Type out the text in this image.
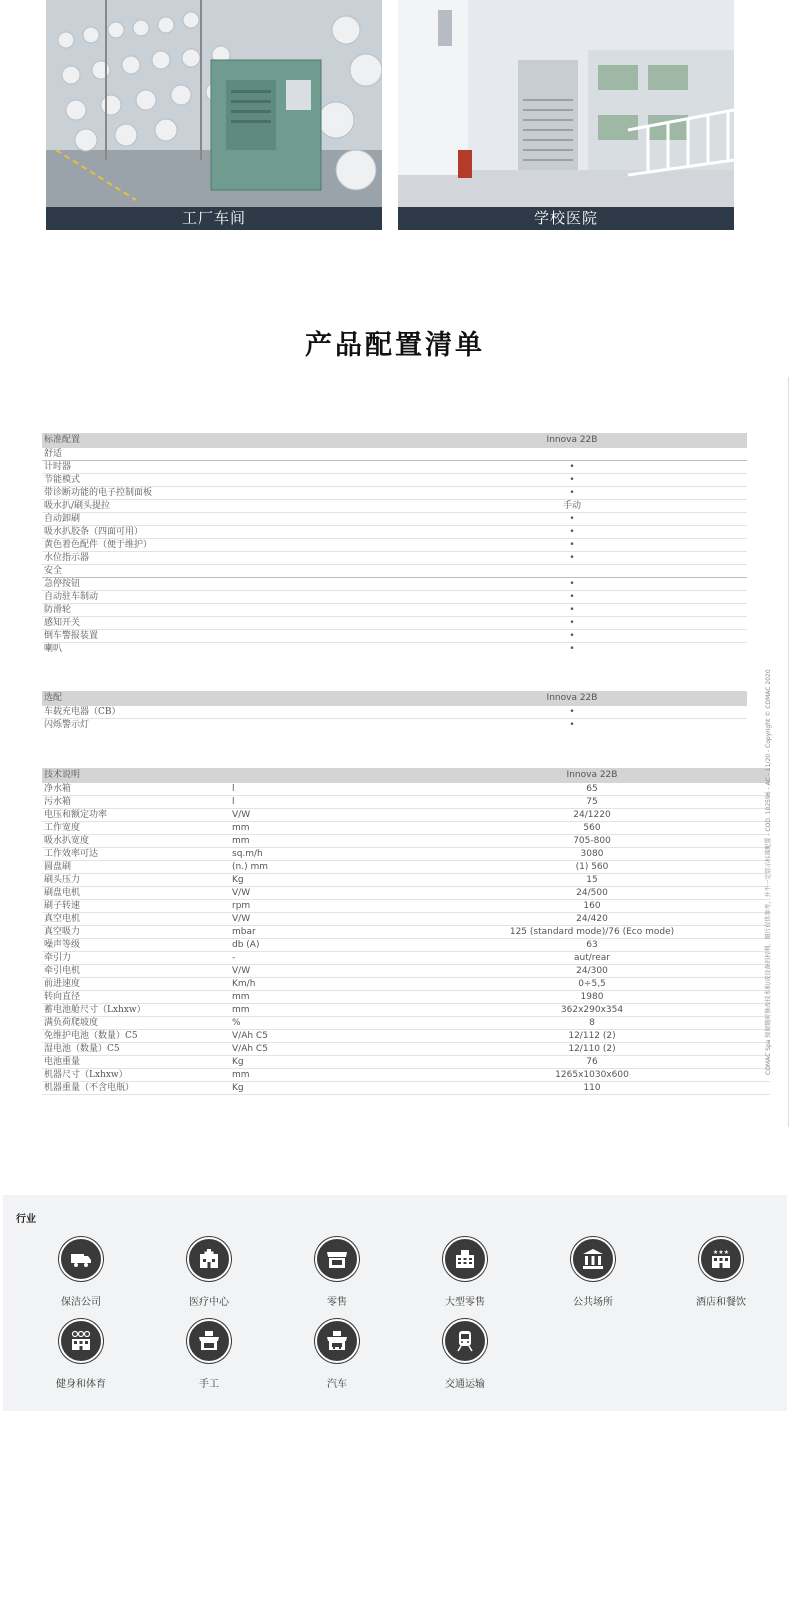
工厂车间	学校医院
产品配置清单
标准配置	Innova 22B
舒适
计时器	•
节能模式	•
带诊断功能的电子控制面板	•
吸水扒/刷头提拉	手动
自动卸刷	•
吸水扒胶条（四面可用）	•
黄色着色配件（便于维护）	•
水位指示器	•
安全
急停按钮	•
自动驻车制动	•
防滑轮	•
感知开关	•
倒车警报装置	•
喇叭	•
选配	Innova 22B
车载充电器（CB）	•
闪烁警示灯	•
技术说明	Innova 22B
净水箱	l	65
污水箱	l	75
电压和额定功率	V/W	24/1220
工作宽度	mm	560
吸水扒宽度	mm	705-800
工作效率可达	sq.m/h	3080
圆盘刷	(n.) mm	(1) 560
刷头压力	Kg	15
刷盘电机	V/W	24/500
刷子转速	rpm	160
真空电机	V/W	24/420
真空吸力	mbar	125 (standard mode)/76 (Eco mode)
噪声等级	db (A)	63
牵引力	-	aut/rear
牵引电机	V/W	24/300
前进速度	Km/h	0÷5,5
转向直径	mm	1980
蓄电池舱尺寸（Lxhxw）	mm	362x290x354
满负荷爬坡度	%	8
免维护电池（数量）C5	V/Ah C5	12/112 (2)
湿电池（数量）C5	V/Ah C5	12/110 (2)
电池重量	Kg	76
机器尺寸（Lxhxw）	mm	1265x1030x600
机器重量（不含电瓶）	Kg	110
COMAC Spa 保留随时修改技术和/或设备的权利。图片仅供参考，并不一定显示标准配置 - COD. 102596 - AC - 11/20 - Copyright © COMAC 2020
行业
保洁公司	医疗中心	零售	大型零售	公共场所
★★★
酒店和餐饮
健身和体育	手工	汽车	交通运输
